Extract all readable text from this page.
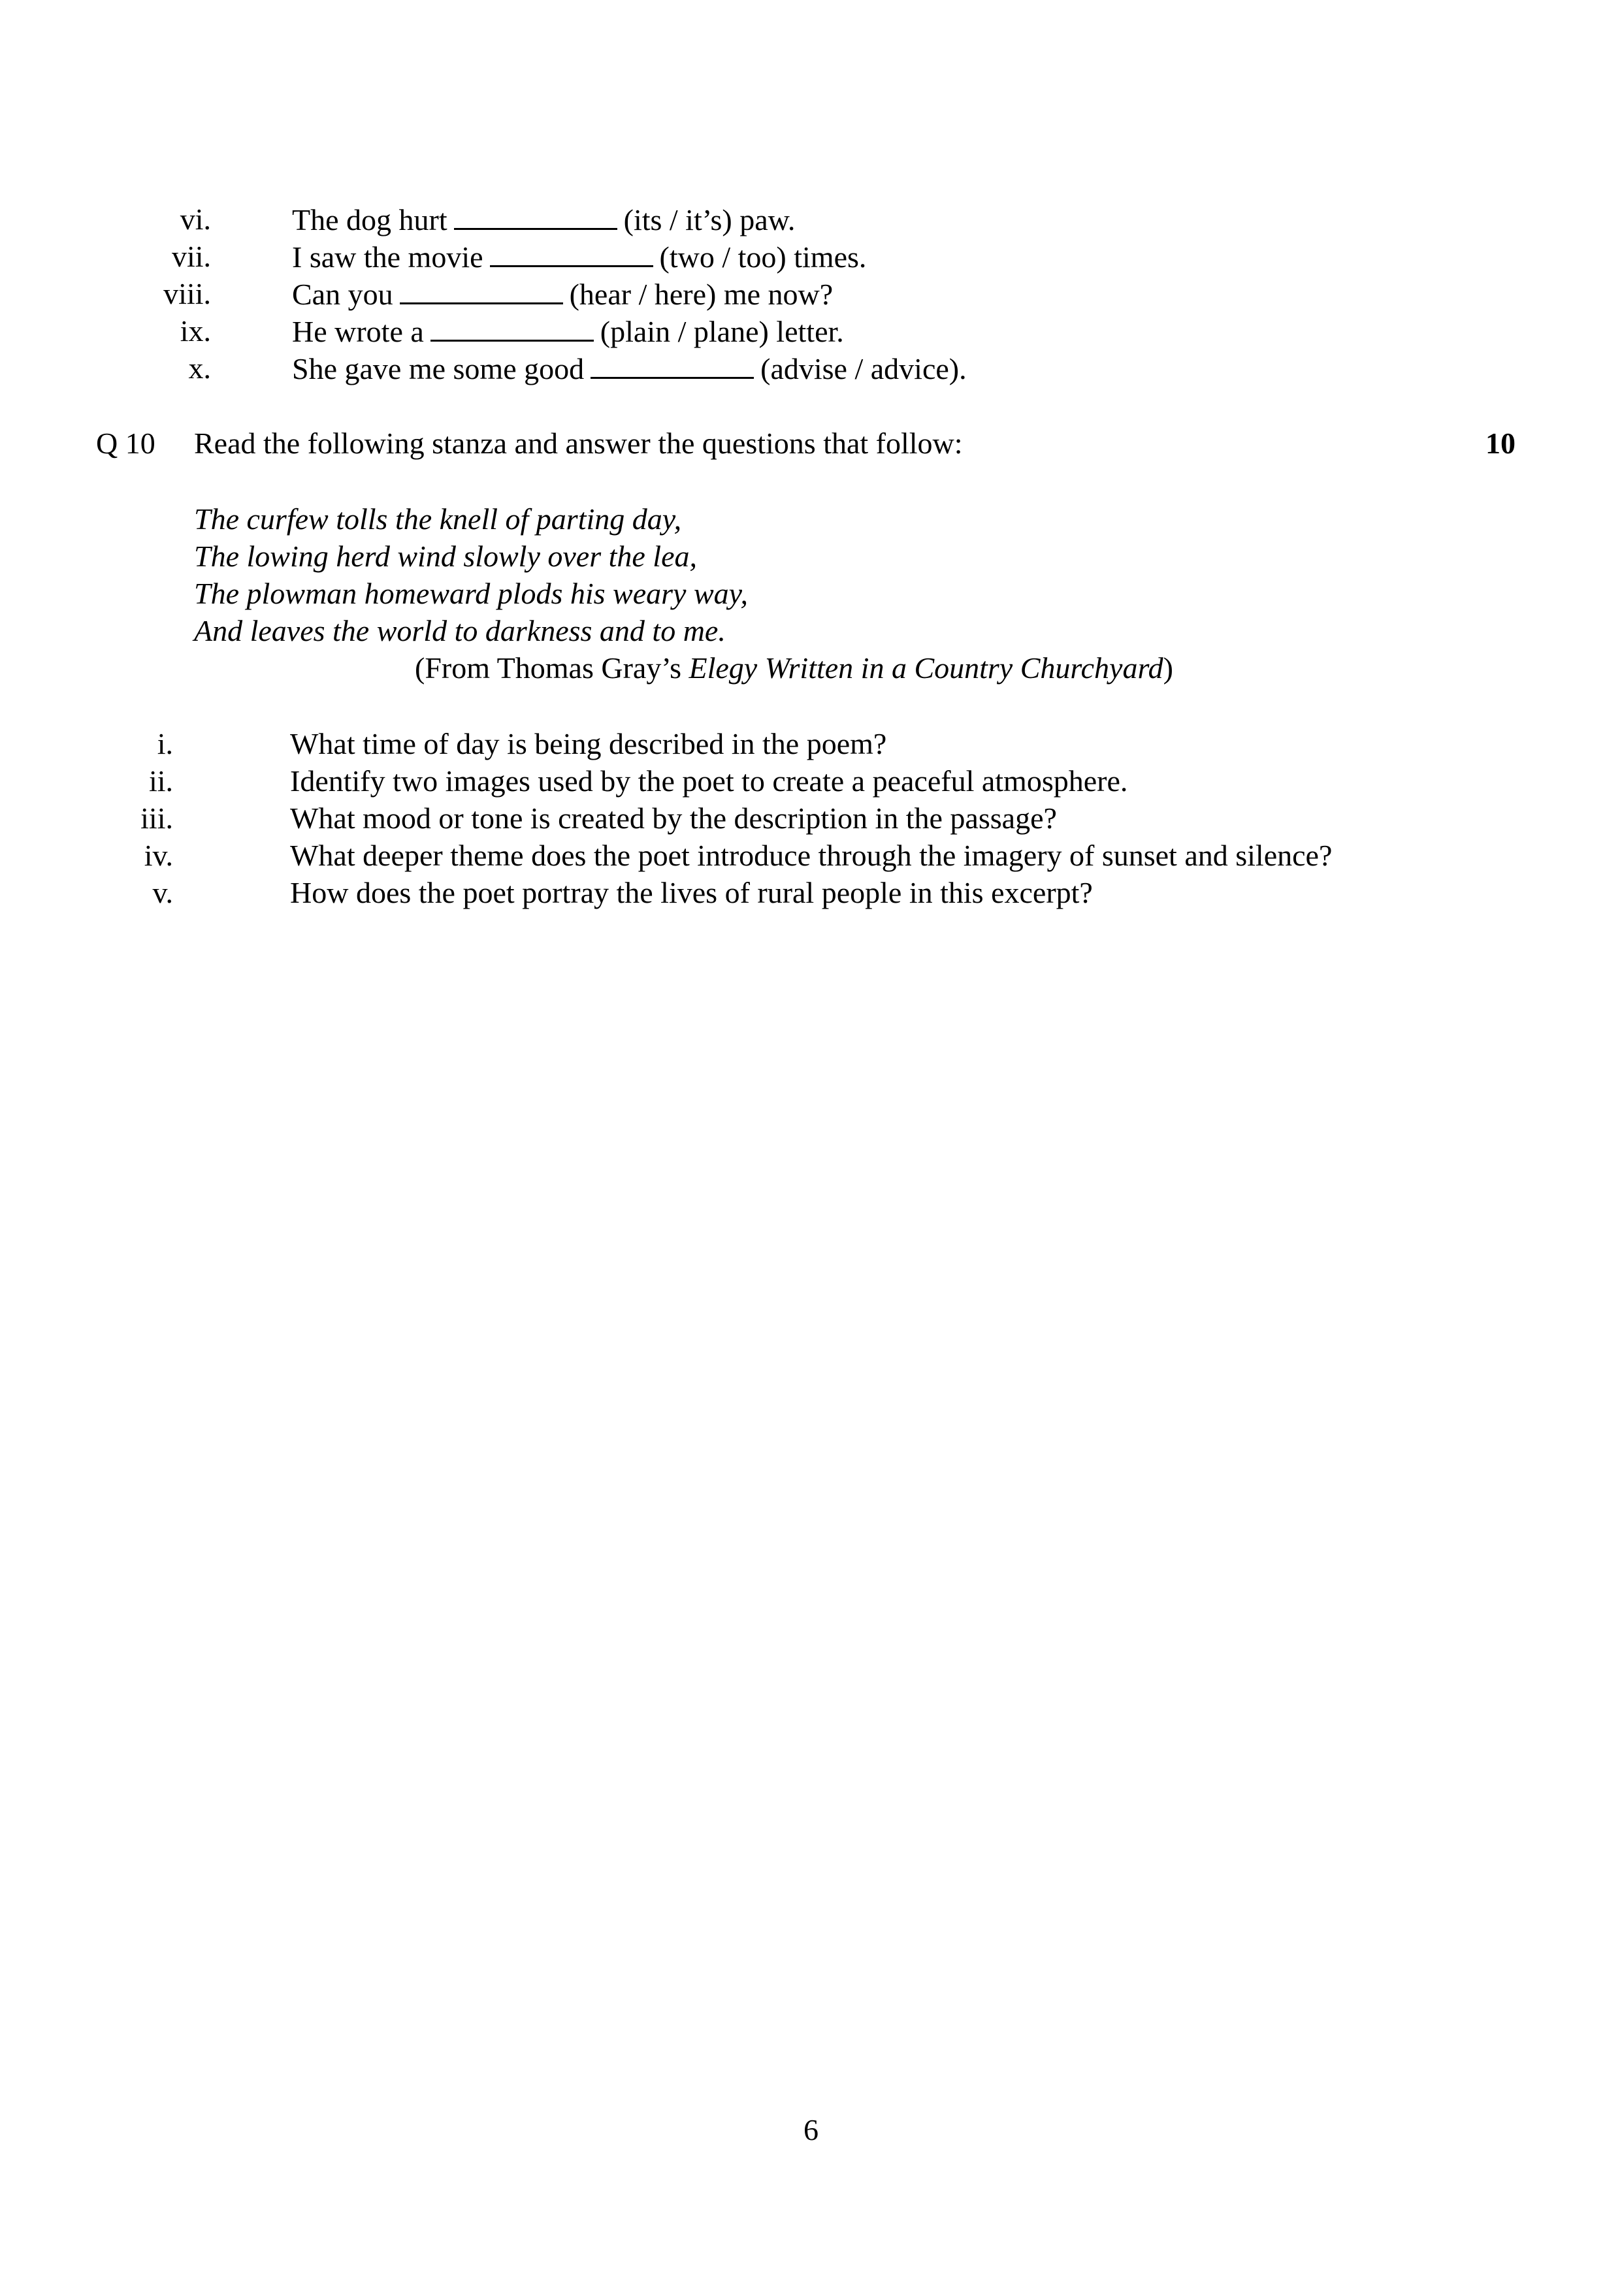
vi.	The dog hurt	(its / it’s) paw.
vii.	I saw the movie	(two / too) times.
viii.	Can you	(hear / here) me now?
ix.	He wrote a	(plain / plane) letter.
x.	She gave me some good	(advise / advice).
Q 10 Read the following stanza and answer the questions that follow:	10
The curfew tolls the knell of parting day,
The lowing herd wind slowly over the lea,
The plowman homeward plods his weary way,
And leaves the world to darkness and to me.
(From Thomas Gray’s Elegy Written in a Country Churchyard)
i.	What time of day is being described in the poem?
ii.	Identify two images used by the poet to create a peaceful atmosphere.
iii.	What mood or tone is created by the description in the passage?
iv.	What deeper theme does the poet introduce through the imagery of sunset and silence?
v.	How does the poet portray the lives of rural people in this excerpt?
6
